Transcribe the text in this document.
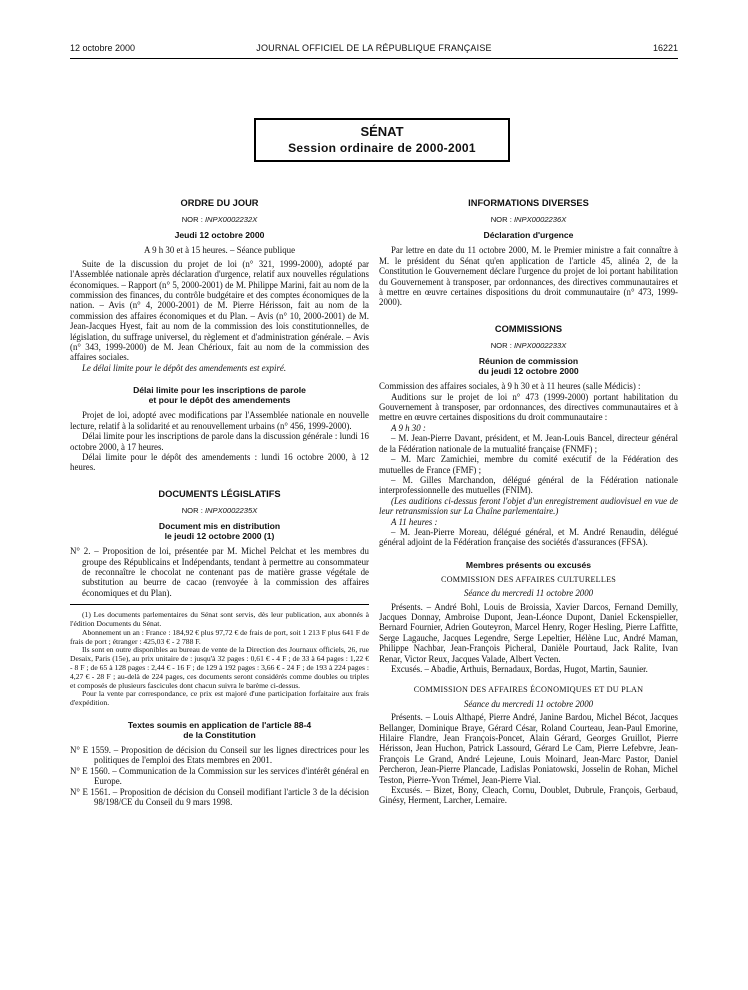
12 octobre 2000	JOURNAL OFFICIEL DE LA RÉPUBLIQUE FRANÇAISE	16221
SÉNAT
Session ordinaire de 2000-2001
ORDRE DU JOUR
NOR : INPX0002232X
Jeudi 12 octobre 2000

A 9 h 30 et à 15 heures. – Séance publique

Suite de la discussion du projet de loi (n° 321, 1999-2000), adopté par l'Assemblée nationale après déclaration d'urgence, relatif aux nouvelles régulations économiques. – Rapport (n° 5, 2000-2001) de M. Philippe Marini, fait au nom de la commission des finances, du contrôle budgétaire et des comptes économiques de la nation. – Avis (n° 4, 2000-2001) de M. Pierre Hérisson, fait au nom de la commission des affaires économiques et du Plan. – Avis (n° 10, 2000-2001) de M. Jean-Jacques Hyest, fait au nom de la commission des lois constitutionnelles, de législation, du suffrage universel, du règlement et d'administration générale. – Avis (n° 343, 1999-2000) de M. Jean Chérioux, fait au nom de la commission des affaires sociales.

Le délai limite pour le dépôt des amendements est expiré.

Délai limite pour les inscriptions de parole
et pour le dépôt des amendements

Projet de loi, adopté avec modifications par l'Assemblée nationale en nouvelle lecture, relatif à la solidarité et au renouvellement urbains (n° 456, 1999-2000).

Délai limite pour les inscriptions de parole dans la discussion générale : lundi 16 octobre 2000, à 17 heures.

Délai limite pour le dépôt des amendements : lundi 16 octobre 2000, à 12 heures.

DOCUMENTS LÉGISLATIFS
NOR : INPX0002235X
Document mis en distribution
le jeudi 12 octobre 2000 (1)

N° 2. – Proposition de loi, présentée par M. Michel Pelchat et les membres du groupe des Républicains et Indépendants, tendant à permettre au consommateur de reconnaître le chocolat ne contenant pas de matière grasse végétale de substitution au beurre de cacao (renvoyée à la commission des affaires économiques et du Plan).

(1) Les documents parlementaires du Sénat sont servis, dès leur publication, aux abonnés à l'édition Documents du Sénat.

Abonnement un an : France : 184,92 € plus 97,72 € de frais de port, soit 1 213 F plus 641 F de frais de port ; étranger : 425,03 € - 2 788 F.

Ils sont en outre disponibles au bureau de vente de la Direction des Journaux officiels, 26, rue Desaix, Paris (15e), au prix unitaire de : jusqu'à 32 pages : 0,61 € - 4 F ; de 33 à 64 pages : 1,22 € - 8 F ; de 65 à 128 pages : 2,44 € - 16 F ; de 129 à 192 pages : 3,66 € - 24 F ; de 193 à 224 pages : 4,27 € - 28 F ; au-delà de 224 pages, ces documents seront considérés comme doubles ou triples et composés de plusieurs fascicules dont chacun suivra le barème ci-dessus.

Pour la vente par correspondance, ce prix est majoré d'une participation forfaitaire aux frais d'expédition.

Textes soumis en application de l'article 88-4
de la Constitution

N° E 1559. – Proposition de décision du Conseil sur les lignes directrices pour les politiques de l'emploi des Etats membres en 2001.

N° E 1560. – Communication de la Commission sur les services d'intérêt général en Europe.

N° E 1561. – Proposition de décision du Conseil modifiant l'article 3 de la décision 98/198/CE du Conseil du 9 mars 1998.

INFORMATIONS DIVERSES
NOR : INPX0002236X
Déclaration d'urgence

Par lettre en date du 11 octobre 2000, M. le Premier ministre a fait connaître à M. le président du Sénat qu'en application de l'article 45, alinéa 2, de la Constitution le Gouvernement déclare l'urgence du projet de loi portant habilitation du Gouvernement à transposer, par ordonnances, des directives communautaires et à mettre en œuvre certaines dispositions du droit communautaire (n° 473, 1999-2000).

COMMISSIONS
NOR : INPX0002233X
Réunion de commission
du jeudi 12 octobre 2000

Commission des affaires sociales, à 9 h 30 et à 11 heures (salle Médicis) :

Auditions sur le projet de loi n° 473 (1999-2000) portant habilitation du Gouvernement à transposer, par ordonnances, des directives communautaires et à mettre en œuvre certaines dispositions du droit communautaire :

A 9 h 30 :

– M. Jean-Pierre Davant, président, et M. Jean-Louis Bancel, directeur général de la Fédération nationale de la mutualité française (FNMF) ;

– M. Marc Zamichiei, membre du comité exécutif de la Fédération des mutuelles de France (FMF) ;

– M. Gilles Marchandon, délégué général de la Fédération nationale interprofessionnelle des mutuelles (FNIM).

(Les auditions ci-dessus feront l'objet d'un enregistrement audiovisuel en vue de leur retransmission sur La Chaîne parlementaire.)

A 11 heures :

– M. Jean-Pierre Moreau, délégué général, et M. André Renaudin, délégué général adjoint de la Fédération française des sociétés d'assurances (FFSA).

Membres présents ou excusés

COMMISSION DES AFFAIRES CULTURELLES

Séance du mercredi 11 octobre 2000

Présents. – André Bohl, Louis de Broissia, Xavier Darcos, Fernand Demilly, Jacques Donnay, Ambroise Dupont, Jean-Léonce Dupont, Daniel Eckenspieller, Bernard Fournier, Adrien Gouteyron, Marcel Henry, Roger Hesling, Pierre Laffitte, Serge Lagauche, Jacques Legendre, Serge Lepeltier, Hélène Luc, André Maman, Philippe Nachbar, Jean-François Picheral, Danièle Pourtaud, Jack Ralite, Ivan Renar, Victor Reux, Jacques Valade, Albert Vecten.

Excusés. – Abadie, Arthuis, Bernadaux, Bordas, Hugot, Martin, Saunier.

COMMISSION DES AFFAIRES ÉCONOMIQUES ET DU PLAN

Séance du mercredi 11 octobre 2000

Présents. – Louis Althapé, Pierre André, Janine Bardou, Michel Bécot, Jacques Bellanger, Dominique Braye, Gérard César, Roland Courteau, Jean-Paul Emorine, Hilaire Flandre, Jean François-Poncet, Alain Gérard, Georges Gruillot, Pierre Hérisson, Jean Huchon, Patrick Lassourd, Gérard Le Cam, Pierre Lefebvre, Jean-François Le Grand, André Lejeune, Louis Moinard, Jean-Marc Pastor, Daniel Percheron, Jean-Pierre Plancade, Ladislas Poniatowski, Josselin de Rohan, Michel Teston, Pierre-Yvon Trémel, Jean-Pierre Vial.

Excusés. – Bizet, Bony, Cleach, Cornu, Doublet, Dubrule, François, Gerbaud, Ginésy, Herment, Larcher, Lemaire.
